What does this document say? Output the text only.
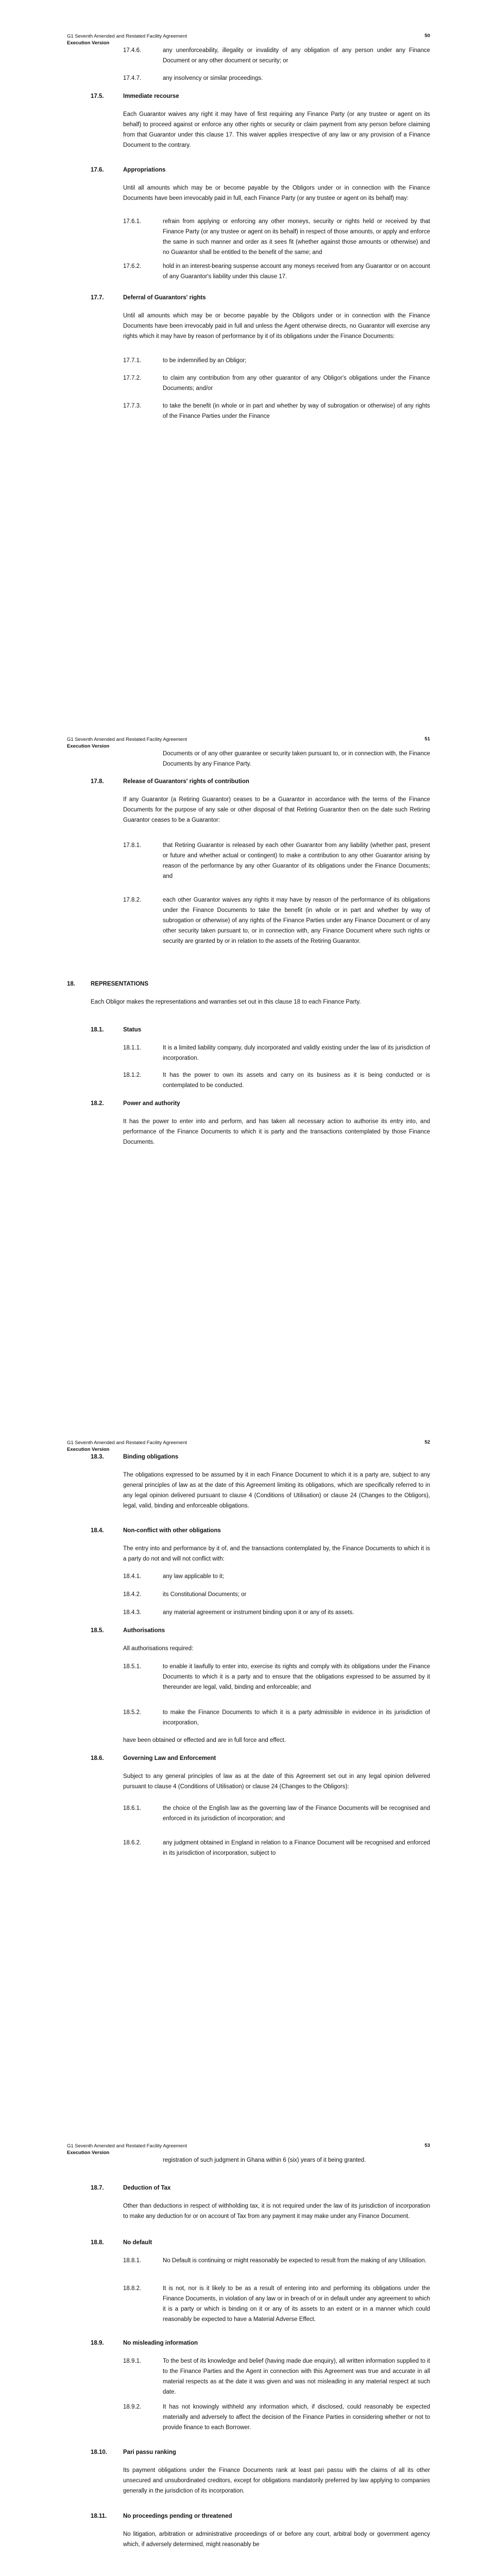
G1 Seventh Amended and Restated Facility Agreement
Execution Version
50
17.4.6.	any unenforceability, illegality or invalidity of any obligation of any person under any Finance Document or any other document or security; or
17.4.7.	any insolvency or similar proceedings.
17.5.	Immediate recourse
Each Guarantor waives any right it may have of first requiring any Finance Party (or any trustee or agent on its behalf) to proceed against or enforce any other rights or security or claim payment from any person before claiming from that Guarantor under this clause 17. This waiver applies irrespective of any law or any provision of a Finance Document to the contrary.
17.6.	Appropriations
Until all amounts which may be or become payable by the Obligors under or in connection with the Finance Documents have been irrevocably paid in full, each Finance Party (or any trustee or agent on its behalf) may:
17.6.1.	refrain from applying or enforcing any other moneys, security or rights held or received by that Finance Party (or any trustee or agent on its behalf) in respect of those amounts, or apply and enforce the same in such manner and order as it sees fit (whether against those amounts or otherwise) and no Guarantor shall be entitled to the benefit of the same; and
17.6.2.	hold in an interest-bearing suspense account any moneys received from any Guarantor or on account of any Guarantor's liability under this clause 17.
17.7.	Deferral of Guarantors' rights
Until all amounts which may be or become payable by the Obligors under or in connection with the Finance Documents have been irrevocably paid in full and unless the Agent otherwise directs, no Guarantor will exercise any rights which it may have by reason of performance by it of its obligations under the Finance Documents:
17.7.1.	to be indemnified by an Obligor;
17.7.2.	to claim any contribution from any other guarantor of any Obligor's obligations under the Finance Documents; and/or
17.7.3.	to take the benefit (in whole or in part and whether by way of subrogation or otherwise) of any rights of the Finance Parties under the Finance
G1 Seventh Amended and Restated Facility Agreement
Execution Version
51
Documents or of any other guarantee or security taken pursuant to, or in connection with, the Finance Documents by any Finance Party.
17.8.	Release of Guarantors' rights of contribution
If any Guarantor (a Retiring Guarantor) ceases to be a Guarantor in accordance with the terms of the Finance Documents for the purpose of any sale or other disposal of that Retiring Guarantor then on the date such Retiring Guarantor ceases to be a Guarantor:
17.8.1.	that Retiring Guarantor is released by each other Guarantor from any liability (whether past, present or future and whether actual or contingent) to make a contribution to any other Guarantor arising by reason of the performance by any other Guarantor of its obligations under the Finance Documents; and
17.8.2.	each other Guarantor waives any rights it may have by reason of the performance of its obligations under the Finance Documents to take the benefit (in whole or in part and whether by way of subrogation or otherwise) of any rights of the Finance Parties under any Finance Document or of any other security taken pursuant to, or in connection with, any Finance Document where such rights or security are granted by or in relation to the assets of the Retiring Guarantor.
18.	REPRESENTATIONS
Each Obligor makes the representations and warranties set out in this clause 18 to each Finance Party.
18.1.	Status
18.1.1.	It is a limited liability company, duly incorporated and validly existing under the law of its jurisdiction of incorporation.
18.1.2.	It has the power to own its assets and carry on its business as it is being conducted or is contemplated to be conducted.
18.2.	Power and authority
It has the power to enter into and perform, and has taken all necessary action to authorise its entry into, and performance of the Finance Documents to which it is party and the transactions contemplated by those Finance Documents.
G1 Seventh Amended and Restated Facility Agreement
Execution Version
52
18.3.	Binding obligations
The obligations expressed to be assumed by it in each Finance Document to which it is a party are, subject to any general principles of law as at the date of this Agreement limiting its obligations, which are specifically referred to in any legal opinion delivered pursuant to clause 4 (Conditions of Utilisation) or clause 24 (Changes to the Obligors), legal, valid, binding and enforceable obligations.
18.4.	Non-conflict with other obligations
The entry into and performance by it of, and the transactions contemplated by, the Finance Documents to which it is a party do not and will not conflict with:
18.4.1.	any law applicable to it;
18.4.2.	its Constitutional Documents; or
18.4.3.	any material agreement or instrument binding upon it or any of its assets.
18.5.	Authorisations
All authorisations required:
18.5.1.	to enable it lawfully to enter into, exercise its rights and comply with its obligations under the Finance Documents to which it is a party and to ensure that the obligations expressed to be assumed by it thereunder are legal, valid, binding and enforceable; and
18.5.2.	to make the Finance Documents to which it is a party admissible in evidence in its jurisdiction of incorporation,
have been obtained or effected and are in full force and effect.
18.6.	Governing Law and Enforcement
Subject to any general principles of law as at the date of this Agreement set out in any legal opinion delivered pursuant to clause 4 (Conditions of Utilisation) or clause 24 (Changes to the Obligors):
18.6.1.	the choice of the English law as the governing law of the Finance Documents will be recognised and enforced in its jurisdiction of incorporation; and
18.6.2.	any judgment obtained in England in relation to a Finance Document will be recognised and enforced in its jurisdiction of incorporation, subject to
G1 Seventh Amended and Restated Facility Agreement
Execution Version
53
registration of such judgment in Ghana within 6 (six) years of it being granted.
18.7.	Deduction of Tax
Other than deductions in respect of withholding tax, it is not required under the law of its jurisdiction of incorporation to make any deduction for or on account of Tax from any payment it may make under any Finance Document.
18.8.	No default
18.8.1.	No Default is continuing or might reasonably be expected to result from the making of any Utilisation.
18.8.2.	It is not, nor is it likely to be as a result of entering into and performing its obligations under the Finance Documents, in violation of any law or in breach of or in default under any agreement to which it is a party or which is binding on it or any of its assets to an extent or in a manner which could reasonably be expected to have a Material Adverse Effect.
18.9.	No misleading information
18.9.1.	To the best of its knowledge and belief (having made due enquiry), all written information supplied to it to the Finance Parties and the Agent in connection with this Agreement was true and accurate in all material respects as at the date it was given and was not misleading in any material respect at such date.
18.9.2.	It has not knowingly withheld any information which, if disclosed, could reasonably be expected materially and adversely to affect the decision of the Finance Parties in considering whether or not to provide finance to each Borrower.
18.10.	Pari passu ranking
Its payment obligations under the Finance Documents rank at least pari passu with the claims of all its other unsecured and unsubordinated creditors, except for obligations mandatorily preferred by law applying to companies generally in the jurisdiction of its incorporation.
18.11.	No proceedings pending or threatened
No litigation, arbitration or administrative proceedings of or before any court, arbitral body or government agency which, if adversely determined, might reasonably be
